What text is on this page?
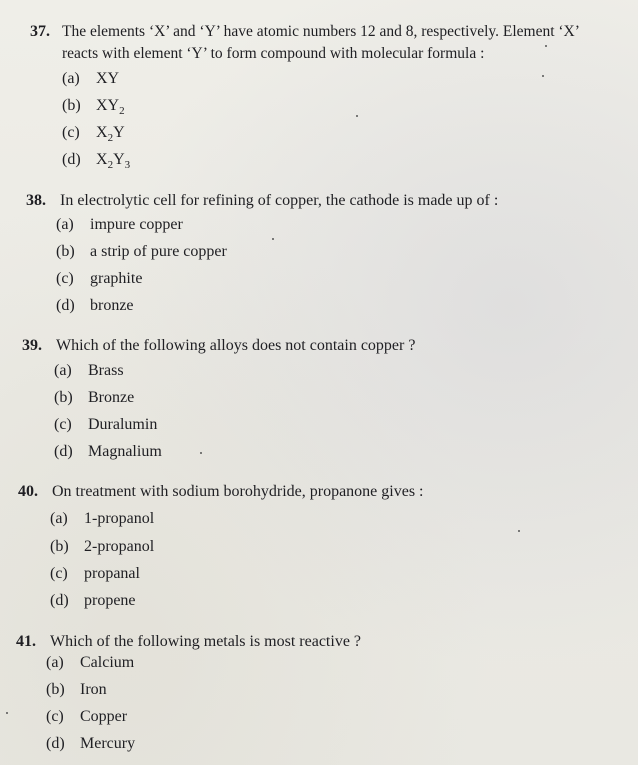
37. The elements ‘X’ and ‘Y’ have atomic numbers 12 and 8, respectively. Element ‘X’
reacts with element ‘Y’ to form compound with molecular formula :
(a) XY
(b) $XY_2$
(c) $X_2Y$
(d) $X_2Y_3$
38. In electrolytic cell for refining of copper, the cathode is made up of :
(a) impure copper
(b) a strip of pure copper
(c) graphite
(d) bronze
39. Which of the following alloys does not contain copper ?
(a) Brass
(b) Bronze
(c) Duralumin
(d) Magnalium
40. On treatment with sodium borohydride, propanone gives :
(a) 1-propanol
(b) 2-propanol
(c) propanal
(d) propene
41. Which of the following metals is most reactive ?
(a) Calcium
(b) Iron
(c) Copper
(d) Mercury
